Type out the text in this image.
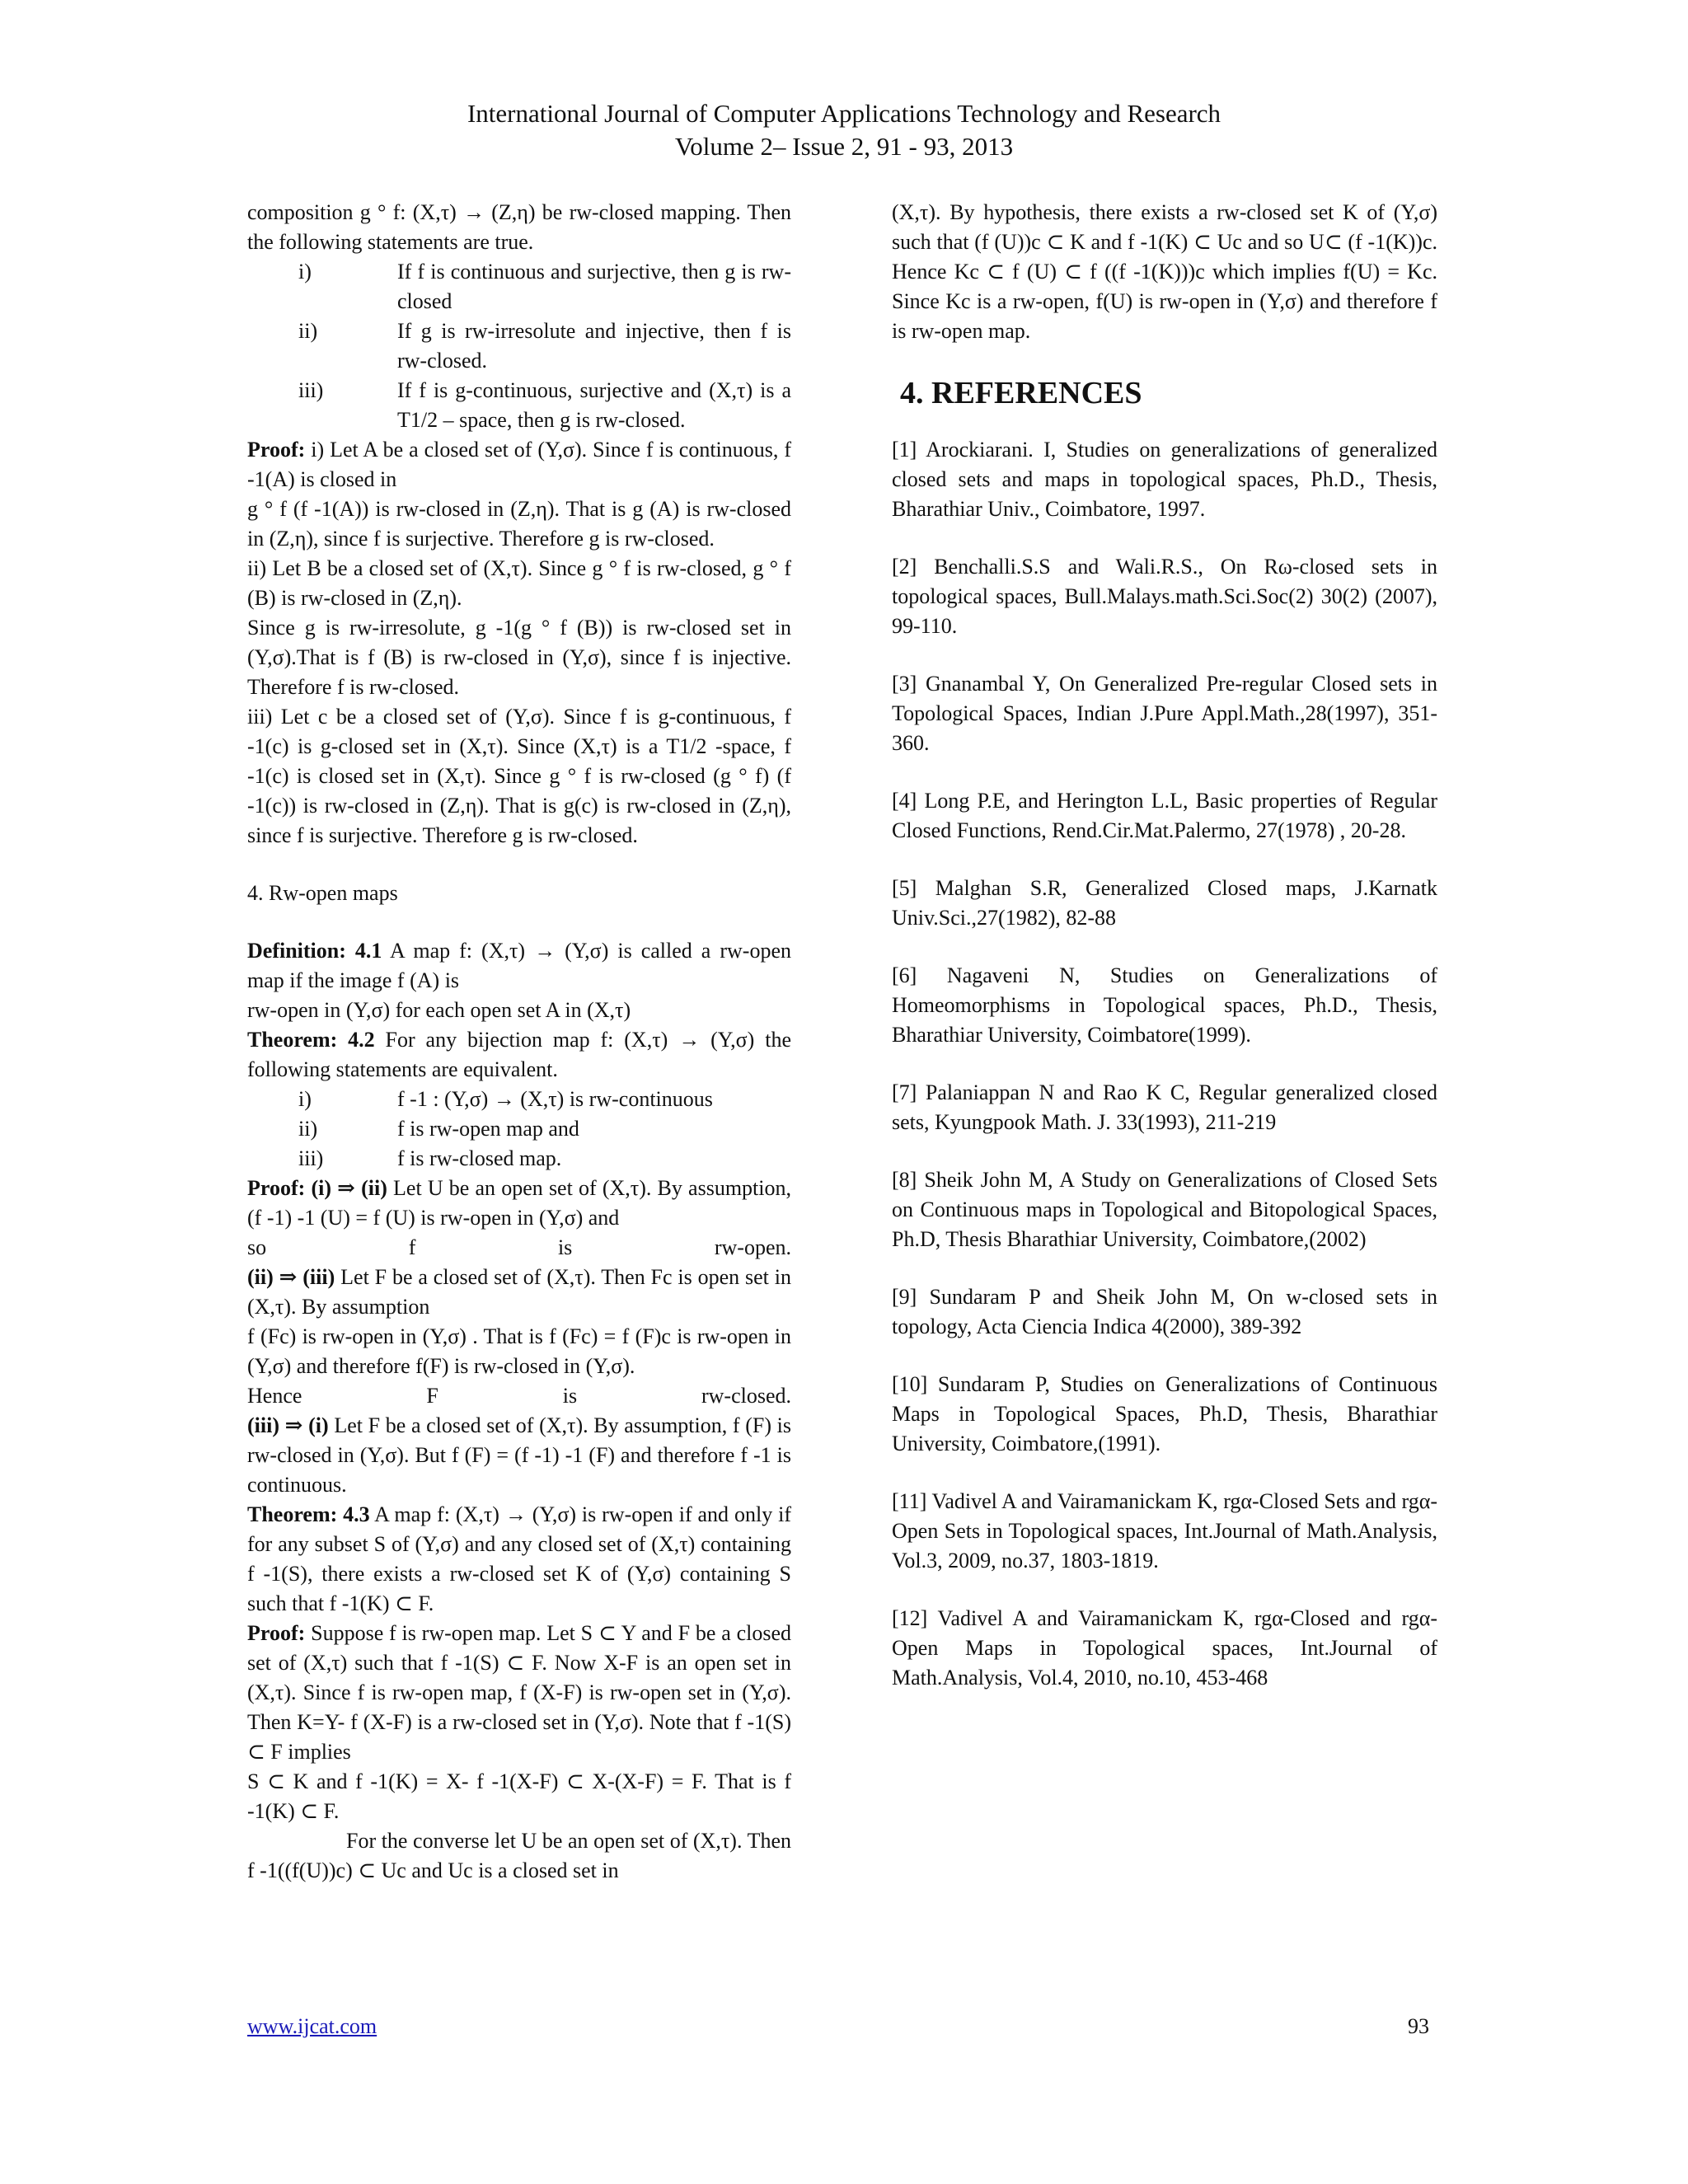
International Journal of Computer Applications Technology and Research
Volume 2– Issue 2, 91 - 93, 2013

composition g ° f: (X,τ) → (Z,η) be rw-closed mapping. Then the following statements are true.

i)	If f is continuous and surjective, then g is rw-closed
ii)	If g is rw-irresolute and injective, then f is rw-closed.
iii)	If f is g-continuous, surjective and (X,τ) is a T1/2 – space, then g is rw-closed.

Proof: i) Let A be a closed set of (Y,σ). Since f is continuous, f -1(A) is closed in

g ° f (f -1(A)) is rw-closed in (Z,η). That is g (A) is rw-closed in (Z,η), since f is surjective. Therefore g is rw-closed.

ii) Let B be a closed set of (X,τ). Since g ° f is rw-closed, g ° f (B) is rw-closed in (Z,η).

Since g is rw-irresolute, g -1(g ° f (B)) is rw-closed set in (Y,σ).That is f (B) is rw-closed in (Y,σ), since f is injective. Therefore f is rw-closed.

iii) Let c be a closed set of (Y,σ). Since f is g-continuous, f -1(c) is g-closed set in (X,τ). Since (X,τ) is a T1/2 -space, f -1(c) is closed set in (X,τ). Since g ° f is rw-closed (g ° f) (f -1(c)) is rw-closed in (Z,η). That is g(c) is rw-closed in (Z,η), since f is surjective. Therefore g is rw-closed.

4. Rw-open maps

Definition: 4.1 A map f: (X,τ) → (Y,σ) is called a rw-open map if the image f (A) is

rw-open in (Y,σ) for each open set A in (X,τ)

Theorem: 4.2 For any bijection map f: (X,τ) → (Y,σ) the following statements are equivalent.

i)	f -1 : (Y,σ) → (X,τ) is rw-continuous
ii)	f is rw-open map and
iii)	f is rw-closed map.

Proof: (i) ⇒ (ii) Let U be an open set of (X,τ). By assumption, (f -1) -1 (U) = f (U) is rw-open in (Y,σ) and

so	f	is	rw-open.

(ii) ⇒ (iii) Let F be a closed set of (X,τ). Then Fc is open set in (X,τ). By assumption

f (Fc) is rw-open in (Y,σ) . That is f (Fc) = f (F)c is rw-open in (Y,σ) and therefore f(F) is rw-closed in (Y,σ).

Hence	F	is	rw-closed.

(iii) ⇒ (i) Let F be a closed set of (X,τ). By assumption, f (F) is rw-closed in (Y,σ). But f (F) = (f -1) -1 (F) and therefore f -1 is continuous.

Theorem: 4.3 A map f: (X,τ) → (Y,σ) is rw-open if and only if for any subset S of (Y,σ) and any closed set of (X,τ) containing f -1(S), there exists a rw-closed set K of (Y,σ) containing S such that f -1(K) ⊂ F.

Proof: Suppose f is rw-open map. Let S ⊂ Y and F be a closed set of (X,τ) such that f -1(S) ⊂ F. Now X-F is an open set in (X,τ). Since f is rw-open map, f (X-F) is rw-open set in (Y,σ). Then K=Y- f (X-F) is a rw-closed set in (Y,σ). Note that f -1(S) ⊂ F implies

S ⊂ K and f -1(K) = X- f -1(X-F) ⊂ X-(X-F) = F. That is f -1(K) ⊂ F.

For the converse let U be an open set of (X,τ). Then f -1((f(U))c) ⊂ Uc and Uc is a closed set in

(X,τ). By hypothesis, there exists a rw-closed set K of (Y,σ) such that (f (U))c ⊂ K and f -1(K) ⊂ Uc and so U⊂ (f -1(K))c. Hence Kc ⊂ f (U) ⊂ f ((f -1(K)))c which implies f(U) = Kc. Since Kc is a rw-open, f(U) is rw-open in (Y,σ) and therefore f is rw-open map.

4. REFERENCES

[1] Arockiarani. I, Studies on generalizations of generalized closed sets and maps in topological spaces, Ph.D., Thesis, Bharathiar Univ., Coimbatore, 1997.

[2] Benchalli.S.S and Wali.R.S., On Rω-closed sets in topological spaces, Bull.Malays.math.Sci.Soc(2) 30(2) (2007), 99-110.

[3] Gnanambal Y, On Generalized Pre-regular Closed sets in Topological Spaces, Indian J.Pure Appl.Math.,28(1997), 351-360.

[4] Long P.E, and Herington L.L, Basic properties of Regular Closed Functions, Rend.Cir.Mat.Palermo, 27(1978) , 20-28.

[5] Malghan S.R, Generalized Closed maps, J.Karnatk Univ.Sci.,27(1982), 82-88

[6] Nagaveni N, Studies on Generalizations of Homeomorphisms in Topological spaces, Ph.D., Thesis, Bharathiar University, Coimbatore(1999).

[7] Palaniappan N and Rao K C, Regular generalized closed sets, Kyungpook Math. J. 33(1993), 211-219

[8] Sheik John M, A Study on Generalizations of Closed Sets on Continuous maps in Topological and Bitopological Spaces, Ph.D, Thesis Bharathiar University, Coimbatore,(2002)

[9] Sundaram P and Sheik John M, On w-closed sets in topology, Acta Ciencia Indica 4(2000), 389-392

[10] Sundaram P, Studies on Generalizations of Continuous Maps in Topological Spaces, Ph.D, Thesis, Bharathiar University, Coimbatore,(1991).

[11] Vadivel A and Vairamanickam K, rgα-Closed Sets and rgα-Open Sets in Topological spaces, Int.Journal of Math.Analysis, Vol.3, 2009, no.37, 1803-1819.

[12] Vadivel A and Vairamanickam K, rgα-Closed and rgα-Open Maps in Topological spaces, Int.Journal of Math.Analysis, Vol.4, 2010, no.10, 453-468

www.ijcat.com	93
